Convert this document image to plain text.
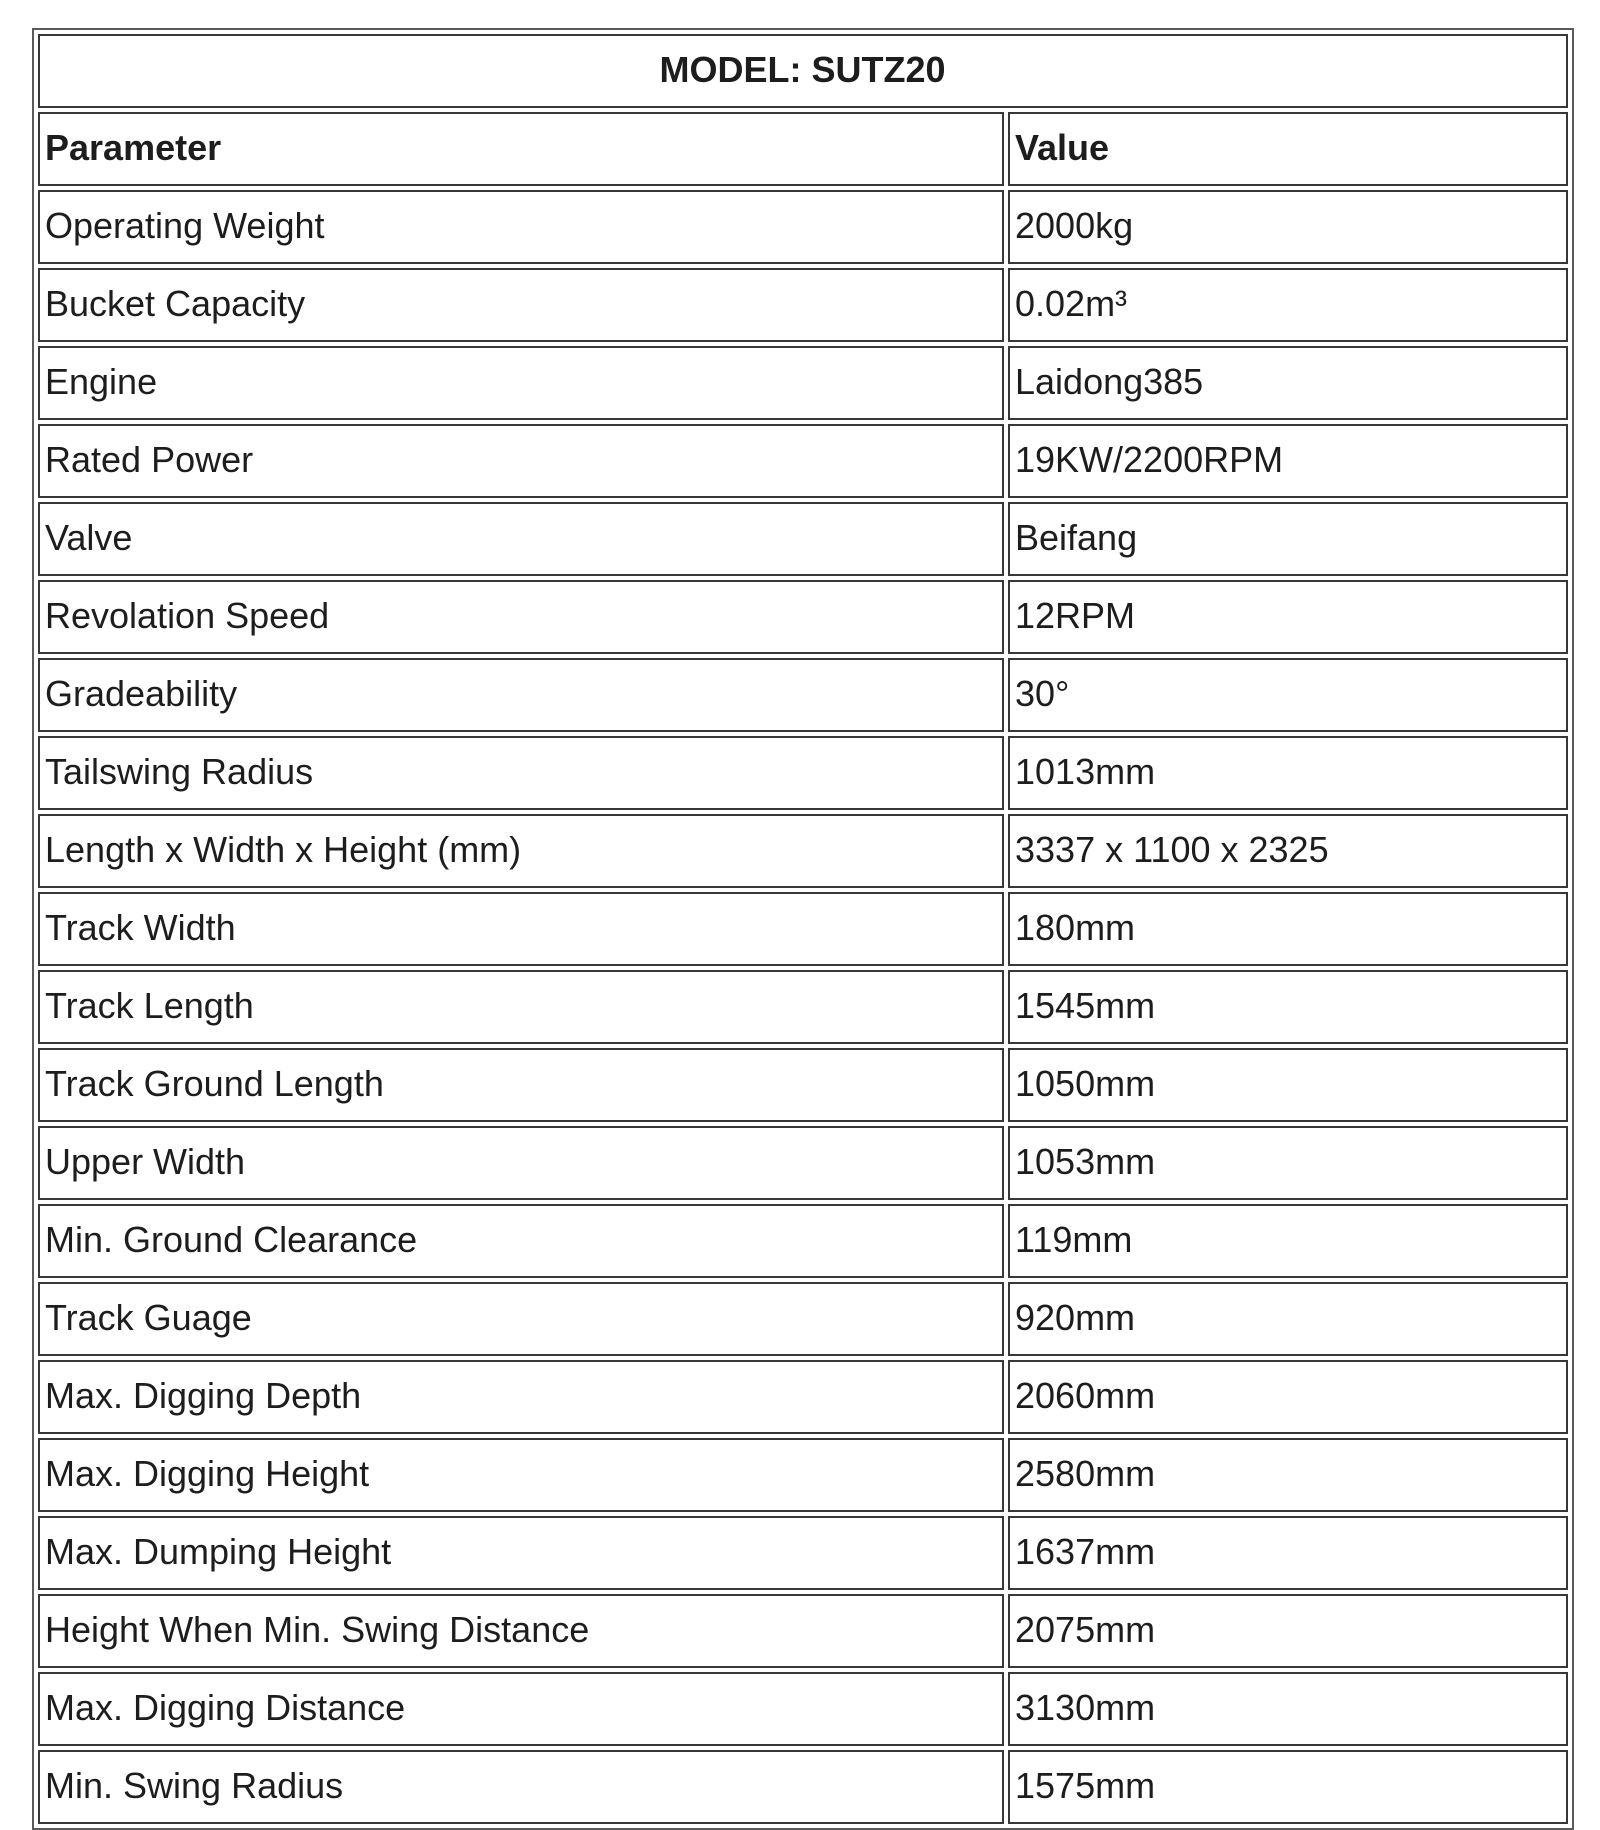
MODEL: SUTZ20	
Parameter	Value
Operating Weight	2000kg
Bucket Capacity	0.02m³
Engine	Laidong385
Rated Power	19KW/2200RPM
Valve	Beifang
Revolation Speed	12RPM
Gradeability	30°
Tailswing Radius	1013mm
Length x Width x Height (mm)	3337 x 1100 x 2325
Track Width	180mm
Track Length	1545mm
Track Ground Length	1050mm
Upper Width	1053mm
Min. Ground Clearance	119mm
Track Guage	920mm
Max. Digging Depth	2060mm
Max. Digging Height	2580mm
Max. Dumping Height	1637mm
Height When Min. Swing Distance	2075mm
Max. Digging Distance	3130mm
Min. Swing Radius	1575mm
